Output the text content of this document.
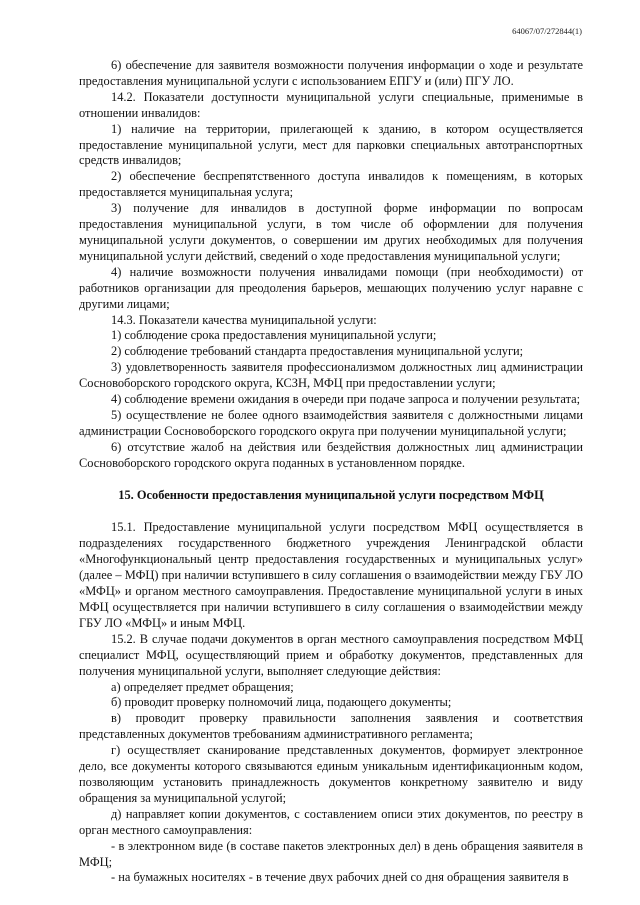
64067/07/272844(1)

6) обеспечение для заявителя возможности получения информации о ходе и результате предоставления муниципальной услуги с использованием ЕПГУ и (или) ПГУ ЛО.

14.2. Показатели доступности муниципальной услуги специальные, применимые в отношении инвалидов:

1) наличие на территории, прилегающей к зданию, в котором осуществляется предоставление муниципальной услуги, мест для парковки специальных автотранспортных средств инвалидов;

2) обеспечение беспрепятственного доступа инвалидов к помещениям, в которых предоставляется муниципальная услуга;

3) получение для инвалидов в доступной форме информации по вопросам предоставления муниципальной услуги, в том числе об оформлении для получения муниципальной услуги документов, о совершении им других необходимых для получения муниципальной услуги действий, сведений о ходе предоставления муниципальной услуги;

4) наличие возможности получения инвалидами помощи (при необходимости) от работников организации для преодоления барьеров, мешающих получению услуг наравне с другими лицами;

14.3. Показатели качества муниципальной услуги:

1) соблюдение срока предоставления муниципальной услуги;

2) соблюдение требований стандарта предоставления муниципальной услуги;

3) удовлетворенность заявителя профессионализмом должностных лиц администрации Сосновоборского городского округа, КСЗН, МФЦ при предоставлении услуги;

4) соблюдение времени ожидания в очереди при подаче запроса и получении результата;

5) осуществление не более одного взаимодействия заявителя с должностными лицами администрации Сосновоборского городского округа при получении муниципальной услуги;

6) отсутствие жалоб на действия или бездействия должностных лиц администрации Сосновоборского городского округа поданных в установленном порядке.

15. Особенности предоставления муниципальной услуги посредством МФЦ

15.1. Предоставление муниципальной услуги посредством МФЦ осуществляется в подразделениях государственного бюджетного учреждения Ленинградской области «Многофункциональный центр предоставления государственных и муниципальных услуг» (далее – МФЦ) при наличии вступившего в силу соглашения о взаимодействии между ГБУ ЛО «МФЦ» и органом местного самоуправления. Предоставление муниципальной услуги в иных МФЦ осуществляется при наличии вступившего в силу соглашения о взаимодействии между ГБУ ЛО «МФЦ» и иным МФЦ.

15.2. В случае подачи документов в орган местного самоуправления посредством МФЦ специалист МФЦ, осуществляющий прием и обработку документов, представленных для получения муниципальной услуги, выполняет следующие действия:

а) определяет предмет обращения;

б) проводит проверку полномочий лица, подающего документы;

в) проводит проверку правильности заполнения заявления и соответствия представленных документов требованиям административного регламента;

г) осуществляет сканирование представленных документов, формирует электронное дело, все документы которого связываются единым уникальным идентификационным кодом, позволяющим установить принадлежность документов конкретному заявителю и виду обращения за муниципальной услугой;

д) направляет копии документов, с составлением описи этих документов, по реестру в орган местного самоуправления:

- в электронном виде (в составе пакетов электронных дел) в день обращения заявителя в МФЦ;

- на бумажных носителях - в течение двух рабочих дней со дня обращения заявителя в
